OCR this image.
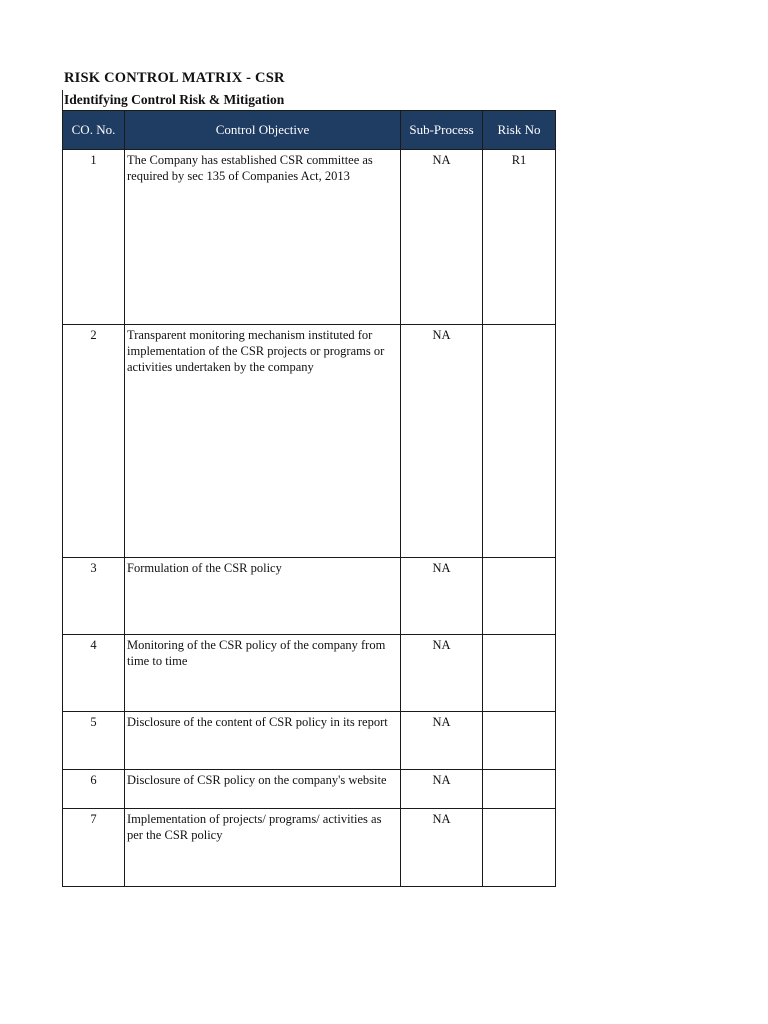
RISK CONTROL MATRIX - CSR
Identifying Control Risk & Mitigation
CO. No.	Control Objective	Sub-Process	Risk No
1	The Company has established CSR committee as required by sec 135 of Companies Act, 2013	NA	R1
2	Transparent monitoring mechanism instituted for implementation of the CSR projects or programs or activities undertaken by the company	NA	
3	Formulation of the CSR policy	NA	
4	Monitoring of the CSR policy of the company from time to time	NA	
5	Disclosure of the content of CSR policy in its report	NA	
6	Disclosure of CSR policy on the company's website	NA	
7	Implementation of projects/ programs/ activities as per the CSR policy	NA	
